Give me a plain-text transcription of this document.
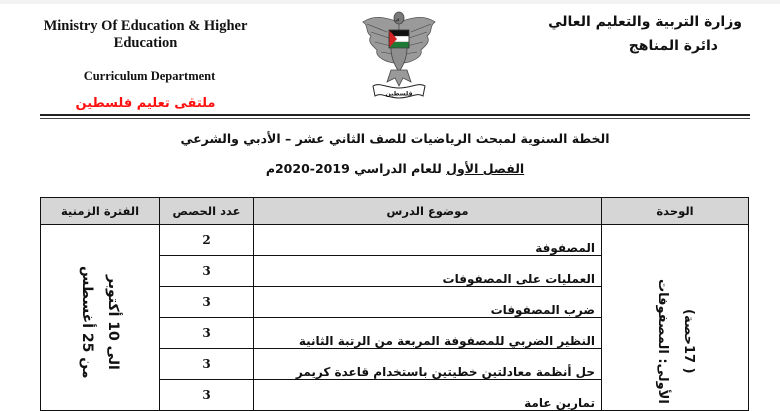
Ministry Of Education & Higher Education
Curriculum Department
ملتقى تعليم فلسطين
وزارة التربية والتعليم العالي
دائرة المناهج
فلسطين
الخطة السنوية لمبحث الرياضيات للصف الثاني عشر – الأدبي والشرعي
الفصل الأول للعام الدراسي 2019-2020م
الوحدة	موضوع الدرس	عدد الحصص	الفترة الزمنية

الأولى: المصفوفات ( 17حصة)	المصفوفة	2	من 25 أغسطس
الى 10 أكتوبر

	العمليات على المصفوفات	3	
	ضرب المصفوفات	3	
	النظير الضربي للمصفوفة المربعة من الرتبة الثانية	3	
	حل أنظمة معادلتين خطيتين باستخدام قاعدة كريمر	3	
	تمارين عامة	3	
